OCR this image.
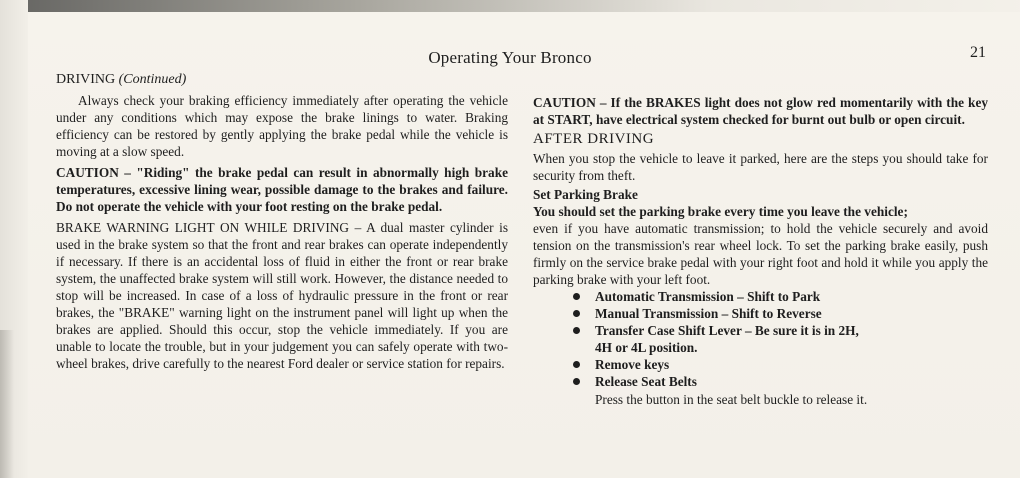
Operating Your Bronco	21
DRIVING (Continued)

Always check your braking efficiency immediately after operating the vehicle under any conditions which may expose the brake linings to water. Braking efficiency can be restored by gently applying the brake pedal while the vehicle is moving at a slow speed.

CAUTION – "Riding" the brake pedal can result in abnormally high brake temperatures, excessive lining wear, possible damage to the brakes and failure. Do not operate the vehicle with your foot resting on the brake pedal.

BRAKE WARNING LIGHT ON WHILE DRIVING – A dual master cylinder is used in the brake system so that the front and rear brakes can operate independently if necessary. If there is an accidental loss of fluid in either the front or rear brake system, the unaffected brake system will still work. However, the distance needed to stop will be increased. In case of a loss of hydraulic pressure in the front or rear brakes, the "BRAKE" warning light on the instrument panel will light up when the brakes are applied. Should this occur, stop the vehicle immediately. If you are unable to locate the trouble, but in your judgement you can safely operate with two-wheel brakes, drive carefully to the nearest Ford dealer or service station for repairs.

CAUTION – If the BRAKES light does not glow red momentarily with the key at START, have electrical system checked for burnt out bulb or open circuit.

AFTER DRIVING

When you stop the vehicle to leave it parked, here are the steps you should take for security from theft.

Set Parking Brake

You should set the parking brake every time you leave the vehicle;

even if you have automatic transmission; to hold the vehicle securely and avoid tension on the transmission's rear wheel lock. To set the parking brake easily, push firmly on the service brake pedal with your right foot and hold it while you apply the parking brake with your left foot.

Automatic Transmission – Shift to Park
Manual Transmission – Shift to Reverse
Transfer Case Shift Lever – Be sure it is in 2H,
4H or 4L position.
Remove keys
Release Seat Belts
Press the button in the seat belt buckle to release it.
